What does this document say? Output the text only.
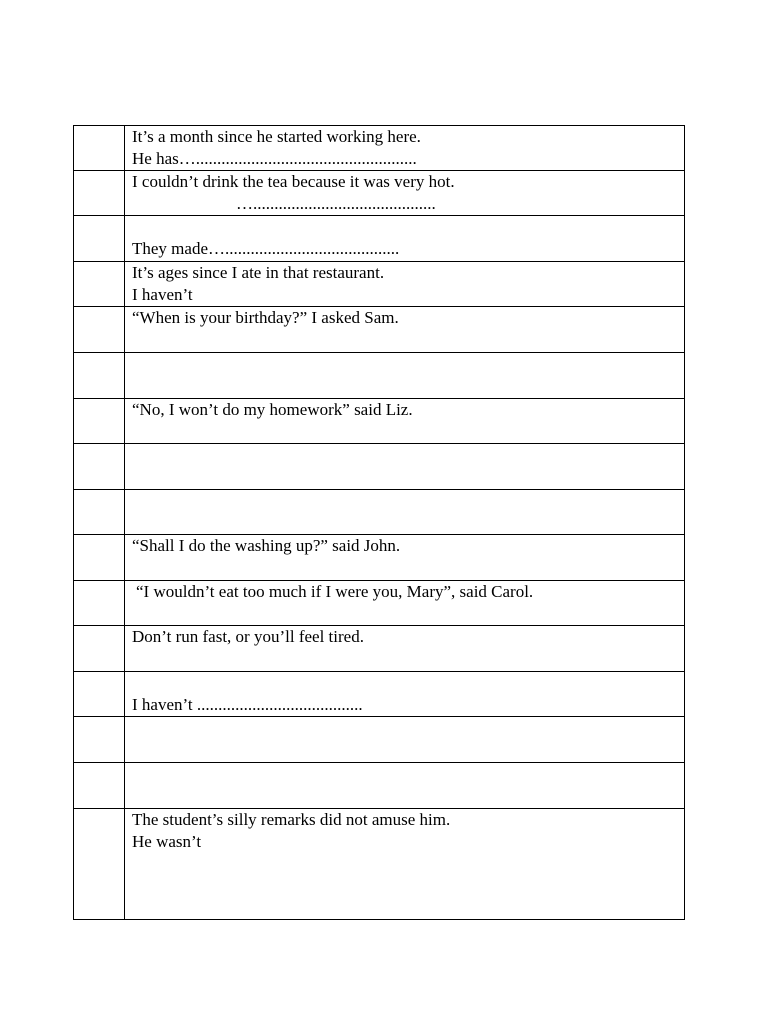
	It’s a month since he started working here.
He has…....................................................

	I couldn’t drink the tea because it was very hot.
…...........................................

	They made….........................................

	It’s ages since I ate in that restaurant.
I haven’t

	“When is your birthday?” I asked Sam.

	“No, I won’t do my homework” said Liz.

	“Shall I do the washing up?” said John.

	“I wouldn’t eat too much if I were you, Mary”, said Carol.

	Don’t run fast, or you’ll feel tired.

	I haven’t .......................................

	The student’s silly remarks did not amuse him.
He wasn’t
